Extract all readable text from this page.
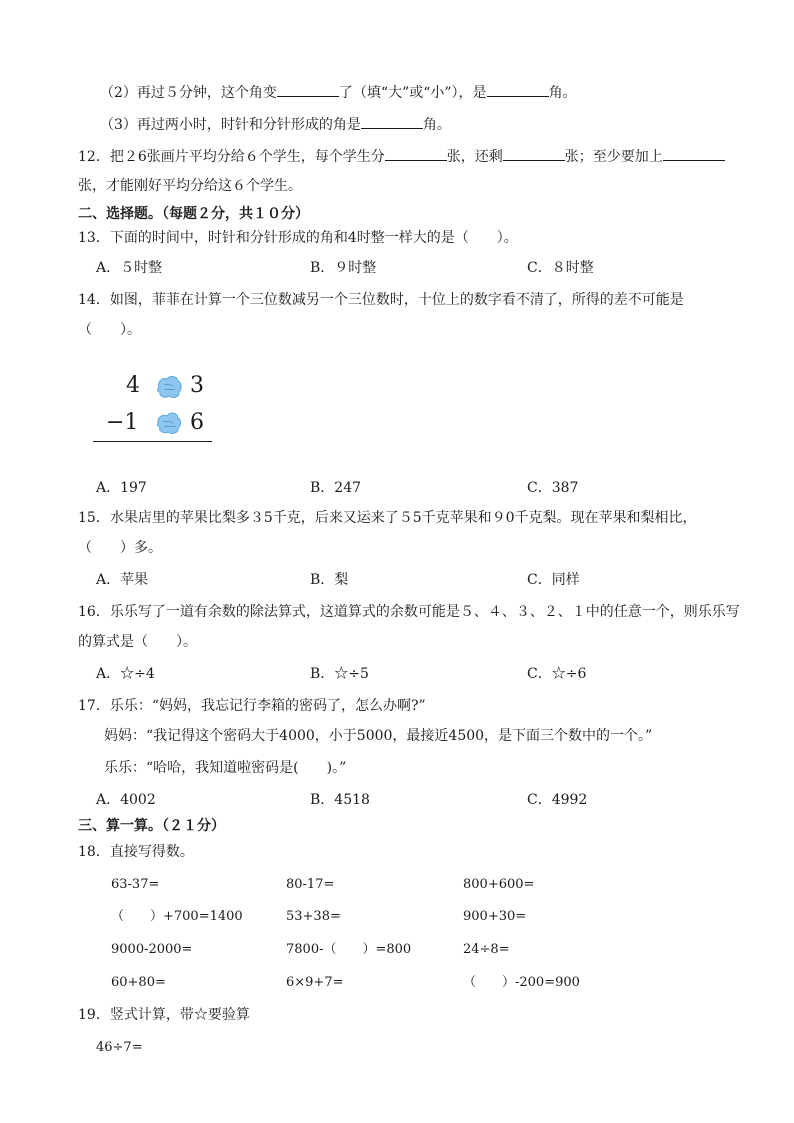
（2）再过５分钟，这个角变	了（填“大”或“小”），是	角。
（3）再过两小时，时针和分针形成的角是	角。
12．把２6张画片平均分给６个学生，每个学生分	张，还剩	张；至少要加上
张，才能刚好平均分给这６个学生。
二、选择题。（每题２分，共１０分）
13．下面的时间中，时针和分针形成的角和4时整一样大的是（　　）。
A．５时整	B．９时整	C．８时整
14．如图，菲菲在计算一个三位数减另一个三位数时，十位上的数字看不清了，所得的差不可能是
（　　）。
4 3
−1 6
A．197	B．247	C．387
15．水果店里的苹果比梨多３5千克，后来又运来了５5千克苹果和９0千克梨。现在苹果和梨相比，
（　　）多。
A．苹果	B．梨	C．同样
16．乐乐写了一道有余数的除法算式，这道算式的余数可能是５、４、３、２、１中的任意一个，则乐乐写
的算式是（　　）。
A．☆÷4	B．☆÷5	C．☆÷6
17．乐乐：“妈妈，我忘记行李箱的密码了，怎么办啊?”
妈妈：“我记得这个密码大于4000，小于5000，最接近4500，是下面三个数中的一个。”
乐乐：“哈哈，我知道啦密码是(　　)。”
A．4002	B．4518	C．4992
三、算一算。（２１分）
18．直接写得数。
63-37=	80-17=	800+600=
（　　）+700=1400	53+38=	900+30=
9000-2000=	7800-（　　）=800	24÷8=
60+80=	6×9+7=	（　　）-200=900
19．竖式计算，带☆要验算
46÷7=
